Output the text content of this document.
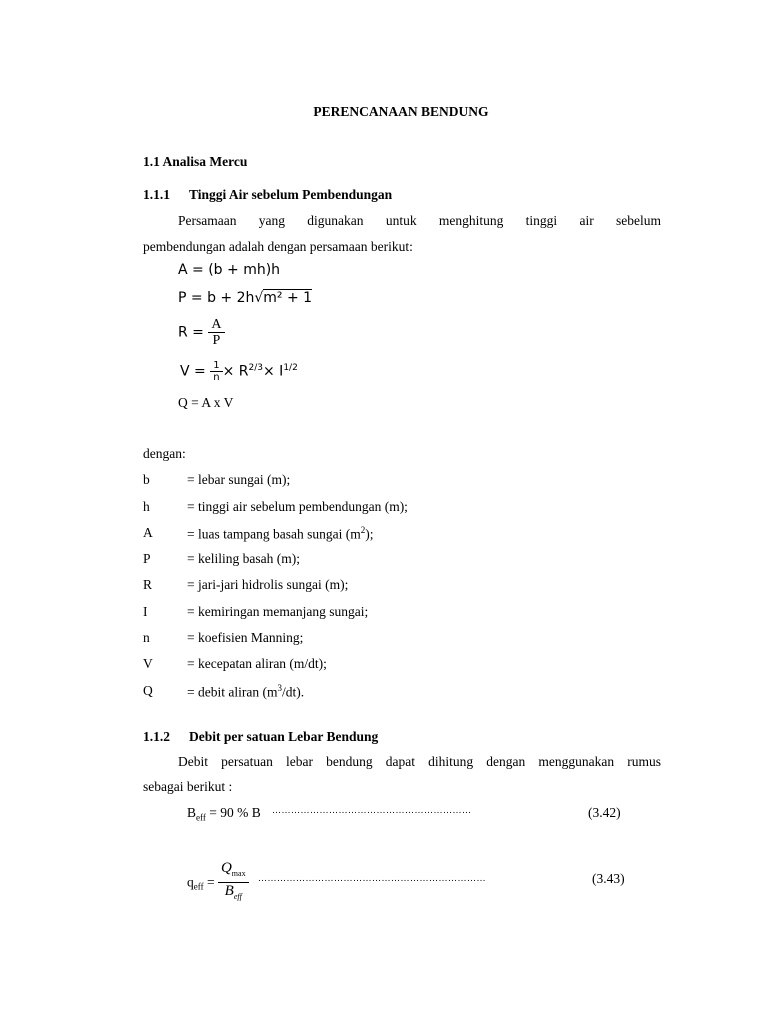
PERENCANAAN BENDUNG
1.1 Analisa Mercu
1.1.1 Tinggi Air sebelum Pembendungan
Persamaan yang digunakan untuk menghitung tinggi air sebelum
pembendungan adalah dengan persamaan berikut:
A = (b + mh)h
P = b + 2h√m² + 1
$R = \frac{A}{P}$
$V = \frac{1}{n} \times R^{2/3}\times I^{1/2}$
Q = A x V
dengan:
b	= lebar sungai (m);
h	= tinggi air sebelum pembendungan (m);
A	= luas tampang basah sungai $(m^2)$;
P	= keliling basah (m);
R	= jari-jari hidrolis sungai (m);
I	= kemiringan memanjang sungai;
n	= koefisien Manning;
V	= kecepatan aliran (m/dt);
Q	= debit aliran $(m^3/dt)$.
1.1.2 Debit per satuan Lebar Bendung
Debit persatuan lebar bendung dapat dihitung dengan menggunakan rumus
sebagai berikut :
$B_{eff} = 90$ % B ………………………………………………………	(3.42)
$q_{eff} = \frac{Q_{max}}{B_{eff}}$ ………………………………………………………………	(3.43)
